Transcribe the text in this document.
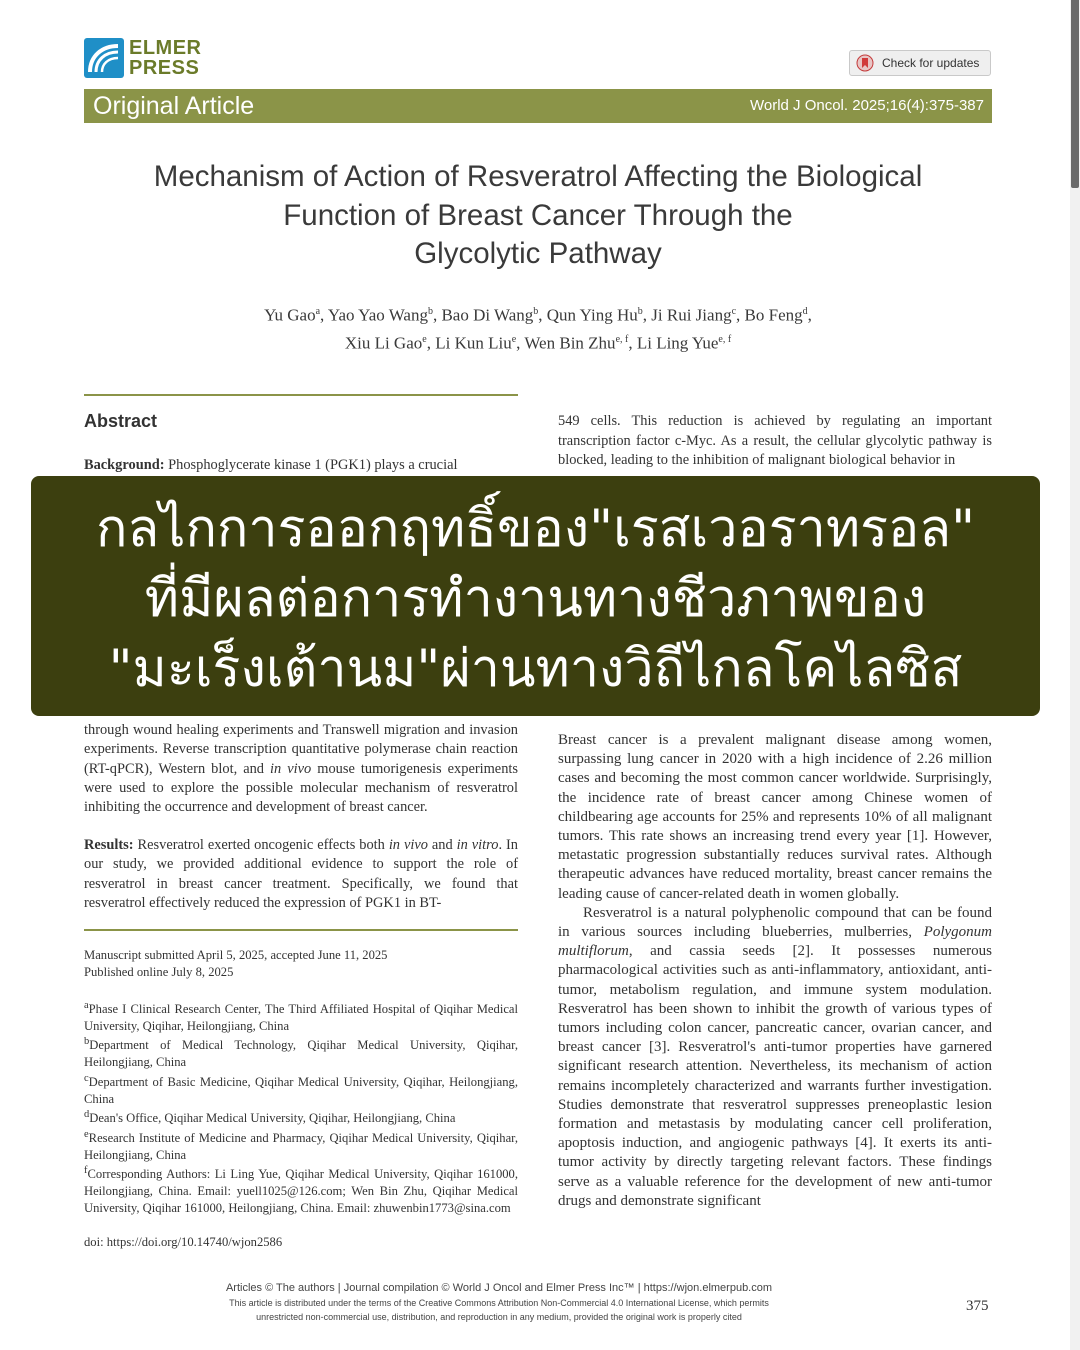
ELMER
PRESS	Check for updates
Original Article	World J Oncol. 2025;16(4):375-387
Mechanism of Action of Resveratrol Affecting the Biological
Function of Breast Cancer Through the
Glycolytic Pathway
Yu Gao$^a$, Yao Yao Wang$^b$, Bao Di Wang$^b$, Qun Ying Hu$^b$, Ji Rui Jiang$^c$, Bo Feng$^d$,
Xiu Li Gao$^e$, Li Kun Liu$^e$, Wen Bin Zhu$^{e, f}$, Li Ling Yue$^{e, f}$
Abstract
Background: Phosphoglycerate kinase 1 (PGK1) plays a crucial
through wound healing experiments and Transwell migration and invasion experiments. Reverse transcription quantitative polymerase chain reaction (RT-qPCR), Western blot, and in vivo mouse tumorigenesis experiments were used to explore the possible molecular mechanism of resveratrol inhibiting the occurrence and development of breast cancer.
Results: Resveratrol exerted oncogenic effects both in vivo and in vitro. In our study, we provided additional evidence to support the role of resveratrol in breast cancer treatment. Specifically, we found that resveratrol effectively reduced the expression of PGK1 in BT-
Manuscript submitted April 5, 2025, accepted June 11, 2025
Published online July 8, 2025

$^a$Phase I Clinical Research Center, The Third Affiliated Hospital of Qiqihar Medical University, Qiqihar, Heilongjiang, China

$^b$Department of Medical Technology, Qiqihar Medical University, Qiqihar, Heilongjiang, China

$^c$Department of Basic Medicine, Qiqihar Medical University, Qiqihar, Heilongjiang, China

$^d$Dean's Office, Qiqihar Medical University, Qiqihar, Heilongjiang, China

$^e$Research Institute of Medicine and Pharmacy, Qiqihar Medical University, Qiqihar, Heilongjiang, China

$^f$Corresponding Authors: Li Ling Yue, Qiqihar Medical University, Qiqihar 161000, Heilongjiang, China. Email: yuell1025@126.com; Wen Bin Zhu, Qiqihar Medical University, Qiqihar 161000, Heilongjiang, China. Email: zhuwenbin1773@sina.com

doi: https://doi.org/10.14740/wjon2586
549 cells. This reduction is achieved by regulating an important transcription factor c-Myc. As a result, the cellular glycolytic pathway is blocked, leading to the inhibition of malignant biological behavior in

Breast cancer is a prevalent malignant disease among women, surpassing lung cancer in 2020 with a high incidence of 2.26 million cases and becoming the most common cancer worldwide. Surprisingly, the incidence rate of breast cancer among Chinese women of childbearing age accounts for 25% and represents 10% of all malignant tumors. This rate shows an increasing trend every year [1]. However, metastatic progression substantially reduces survival rates. Although therapeutic advances have reduced mortality, breast cancer remains the leading cause of cancer-related death in women globally.

Resveratrol is a natural polyphenolic compound that can be found in various sources including blueberries, mulberries, Polygonum multiflorum, and cassia seeds [2]. It possesses numerous pharmacological activities such as anti-inflammatory, antioxidant, anti-tumor, metabolism regulation, and immune system modulation. Resveratrol has been shown to inhibit the growth of various types of tumors including colon cancer, pancreatic cancer, ovarian cancer, and breast cancer [3]. Resveratrol's anti-tumor properties have garnered significant research attention. Nevertheless, its mechanism of action remains incompletely characterized and warrants further investigation. Studies demonstrate that resveratrol suppresses preneoplastic lesion formation and metastasis by modulating cancer cell proliferation, apoptosis induction, and angiogenic pathways [4]. It exerts its anti-tumor activity by directly targeting relevant factors. These findings serve as a valuable reference for the development of new anti-tumor drugs and demonstrate significant

Articles © The authors | Journal compilation © World J Oncol and Elmer Press Inc™ | https://wjon.elmerpub.com
This article is distributed under the terms of the Creative Commons Attribution Non-Commercial 4.0 International License, which permits
unrestricted non-commercial use, distribution, and reproduction in any medium, provided the original work is properly cited
375
กลไกการออกฤทธิ์ของ"เรสเวอราทรอล"
ที่มีผลต่อการทำงานทางชีวภาพของ
"มะเร็งเต้านม"ผ่านทางวิถีไกลโคไลซิส
